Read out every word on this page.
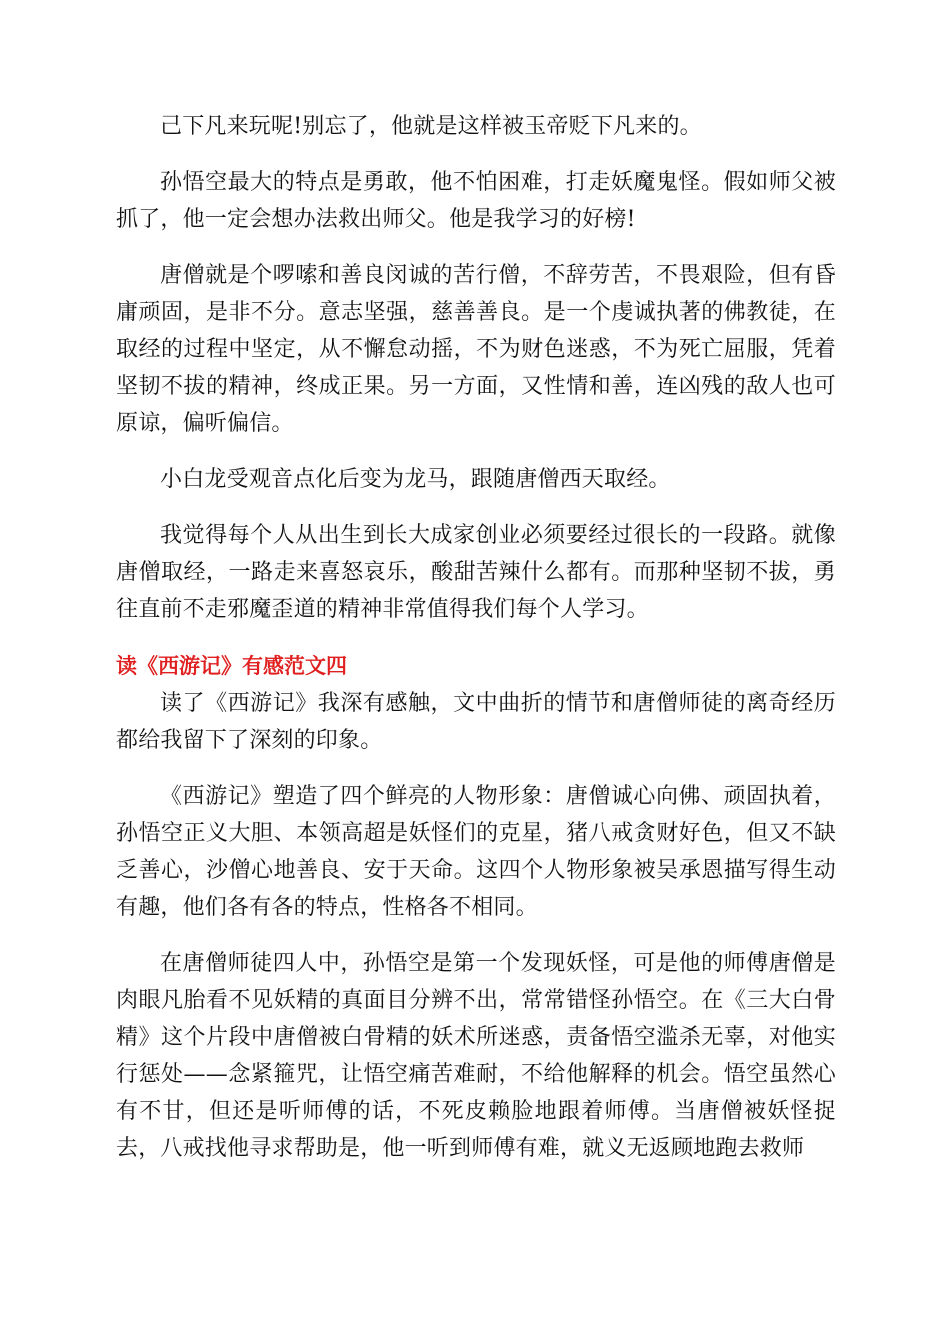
己下凡来玩呢!别忘了，他就是这样被玉帝贬下凡来的。

孙悟空最大的特点是勇敢，他不怕困难，打走妖魔鬼怪。假如师父被抓了，他一定会想办法救出师父。他是我学习的好榜!

唐僧就是个啰嗦和善良闵诚的苦行僧，不辞劳苦，不畏艰险，但有昏庸顽固，是非不分。意志坚强，慈善善良。是一个虔诚执著的佛教徒，在取经的过程中坚定，从不懈怠动摇，不为财色迷惑，不为死亡屈服，凭着坚韧不拔的精神，终成正果。另一方面，又性情和善，连凶残的敌人也可原谅，偏听偏信。

小白龙受观音点化后变为龙马，跟随唐僧西天取经。

我觉得每个人从出生到长大成家创业必须要经过很长的一段路。就像唐僧取经，一路走来喜怒哀乐，酸甜苦辣什么都有。而那种坚韧不拔，勇往直前不走邪魔歪道的精神非常值得我们每个人学习。

读《西游记》有感范文四

读了《西游记》我深有感触，文中曲折的情节和唐僧师徒的离奇经历都给我留下了深刻的印象。

《西游记》塑造了四个鲜亮的人物形象：唐僧诚心向佛、顽固执着，孙悟空正义大胆、本领高超是妖怪们的克星，猪八戒贪财好色，但又不缺乏善心，沙僧心地善良、安于天命。这四个人物形象被吴承恩描写得生动有趣，他们各有各的特点，性格各不相同。

在唐僧师徒四人中，孙悟空是第一个发现妖怪，可是他的师傅唐僧是肉眼凡胎看不见妖精的真面目分辨不出，常常错怪孙悟空。在《三大白骨精》这个片段中唐僧被白骨精的妖术所迷惑，责备悟空滥杀无辜，对他实行惩处——念紧箍咒，让悟空痛苦难耐，不给他解释的机会。悟空虽然心有不甘，但还是听师傅的话，不死皮赖脸地跟着师傅。当唐僧被妖怪捉去，八戒找他寻求帮助是，他一听到师傅有难，就义无返顾地跑去救师
